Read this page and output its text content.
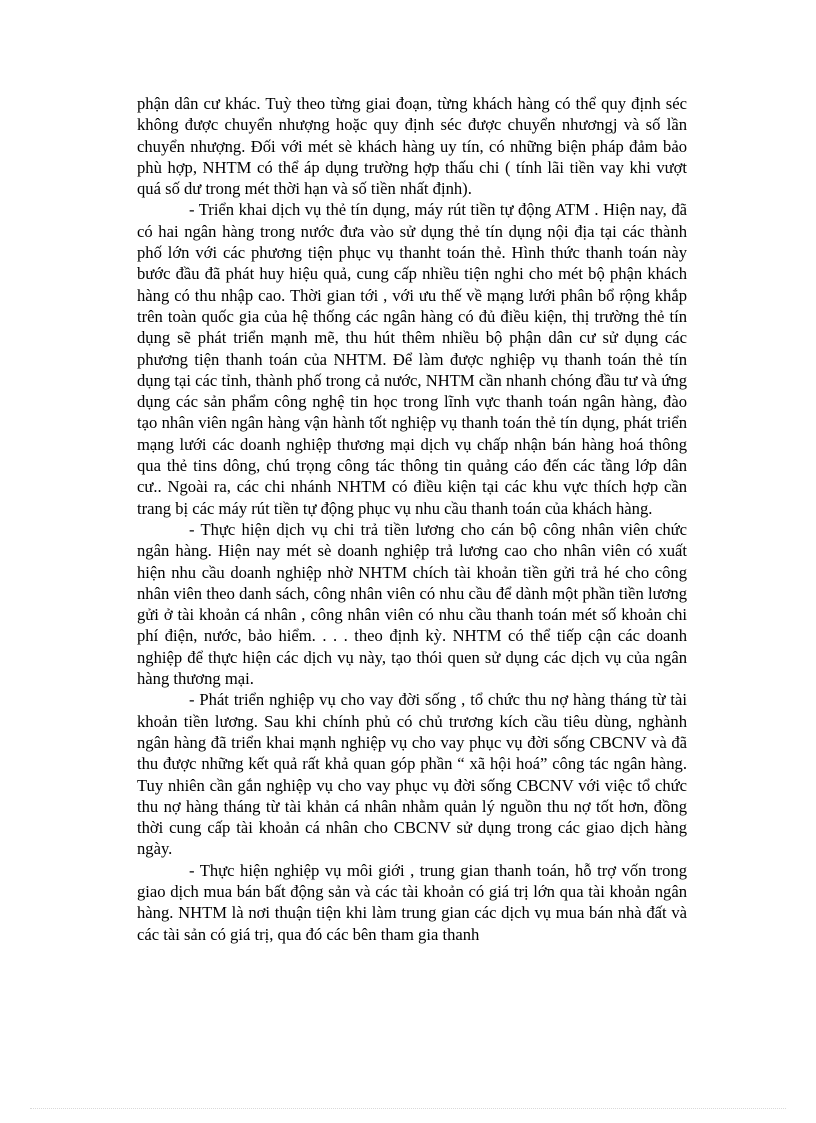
phận dân cư khác. Tuỳ theo từng giai đoạn, từng khách hàng có thể quy định séc không được chuyển nhượng hoặc quy định séc được chuyển nhươngj và số lần chuyển nhượng. Đối với mét sè khách hàng uy tín, có những biện pháp đảm bảo phù hợp, NHTM có thể áp dụng trường hợp thấu chi ( tính lãi tiền vay khi vượt quá số dư trong mét thời hạn và số tiền nhất định).

- Triển khai dịch vụ thẻ tín dụng, máy rút tiền tự động ATM . Hiện nay, đã có hai ngân hàng trong nước đưa vào sử dụng thẻ tín dụng nội địa tại các thành phố lớn với các phương tiện phục vụ thanht toán thẻ. Hình thức thanh toán này bước đầu đã phát huy hiệu quả, cung cấp nhiều tiện nghi cho mét bộ phận khách hàng có thu nhập cao. Thời gian tới , với ưu thế về mạng lưới phân bổ rộng khắp trên toàn quốc gia của hệ thống các ngân hàng có đủ điều kiện, thị trường thẻ tín dụng sẽ phát triển mạnh mẽ, thu hút thêm nhiều bộ phận dân cư sử dụng các phương tiện thanh toán của NHTM. Để làm được nghiệp vụ thanh toán thẻ tín dụng tại các tỉnh, thành phố trong cả nước, NHTM cần nhanh chóng đầu tư và ứng dụng các sản phẩm công nghệ tin học trong lĩnh vực thanh toán ngân hàng, đào tạo nhân viên ngân hàng vận hành tốt nghiệp vụ thanh toán thẻ tín dụng, phát triển mạng lưới các doanh nghiệp thương mại dịch vụ chấp nhận bán hàng hoá thông qua thẻ tins dông, chú trọng công tác thông tin quảng cáo đến các tầng lớp dân cư.. Ngoài ra, các chi nhánh NHTM có điều kiện tại các khu vực thích hợp cần trang bị các máy rút tiền tự động phục vụ nhu cầu thanh toán của khách hàng.

- Thực hiện dịch vụ chi trả tiền lương cho cán bộ công nhân viên chức ngân hàng. Hiện nay mét sè doanh nghiệp trả lương cao cho nhân viên có xuất hiện nhu cầu doanh nghiệp nhờ NHTM chích tài khoản tiền gửi trả hé cho công nhân viên theo danh sách, công nhân viên có nhu cầu để dành một phần tiền lương gửi ở tài khoản cá nhân , công nhân viên có nhu cầu thanh toán mét số khoản chi phí điện, nước, bảo hiểm. . . . theo định kỳ. NHTM có thể tiếp cận các doanh nghiệp để thực hiện các dịch vụ này, tạo thói quen sử dụng các dịch vụ của ngân hàng thương mại.

- Phát triển nghiệp vụ cho vay đời sống , tổ chức thu nợ hàng tháng từ tài khoản tiền lương. Sau khi chính phủ có chủ trương kích cầu tiêu dùng, nghành ngân hàng đã triển khai mạnh nghiệp vụ cho vay phục vụ đời sống CBCNV và đã thu được những kết quả rất khả quan góp phần “ xã hội hoá” công tác ngân hàng. Tuy nhiên cần gắn nghiệp vụ cho vay phục vụ đời sống CBCNV với việc tổ chức thu nợ hàng tháng từ tài khản cá nhân nhằm quản lý nguồn thu nợ tốt hơn, đồng thời cung cấp tài khoản cá nhân cho CBCNV sử dụng trong các giao dịch hàng ngày.

- Thực hiện nghiệp vụ môi giới , trung gian thanh toán, hỗ trợ vốn trong giao dịch mua bán bất động sản và các tài khoản có giá trị lớn qua tài khoản ngân hàng. NHTM là nơi thuận tiện khi làm trung gian các dịch vụ mua bán nhà đất và các tài sản có giá trị, qua đó các bên tham gia thanh
